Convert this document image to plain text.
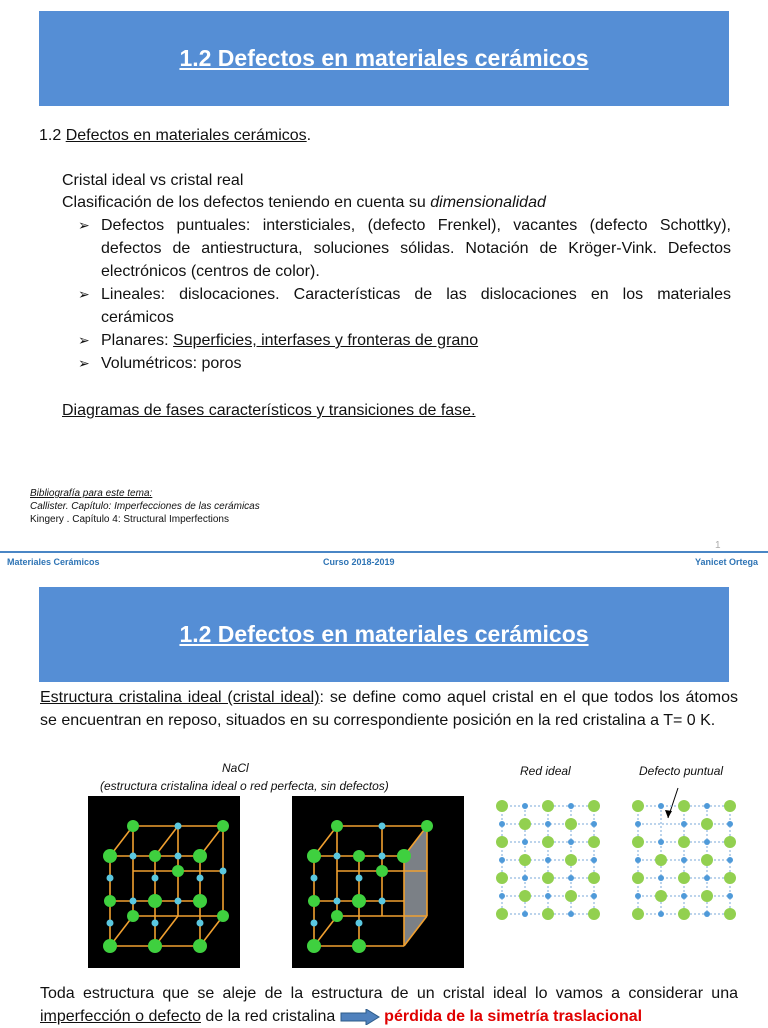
1.2 Defectos en materiales cerámicos
1.2 Defectos en materiales cerámicos.
Cristal ideal vs cristal real
Clasificación de los defectos teniendo en cuenta su dimensionalidad
➢ Defectos puntuales: intersticiales, (defecto Frenkel), vacantes (defecto Schottky), defectos de antiestructura, soluciones sólidas. Notación de Kröger-Vink. Defectos electrónicos (centros de color).
➢ Lineales: dislocaciones. Características de las dislocaciones en los materiales cerámicos
➢ Planares: Superficies, interfases y fronteras de grano
➢ Volumétricos: poros
Diagramas de fases característicos y transiciones de fase.
Bibliografía para este tema:
Callister. Capítulo: Imperfecciones de las cerámicas
Kingery . Capítulo 4: Structural Imperfections
1
Materiales Cerámicos	Curso 2018-2019	Yanicet Ortega
1.2 Defectos en materiales cerámicos
Estructura cristalina ideal (cristal ideal): se define como aquel cristal en el que todos los átomos se encuentran en reposo, situados en su correspondiente posición en la red cristalina a T= 0 K.
NaCl
(estructura cristalina ideal o red perfecta, sin defectos)
Red ideal	Defecto puntual
Toda estructura que se aleje de la estructura de un cristal ideal lo vamos a considerar una imperfección o defecto de la red cristalina	pérdida de la simetría traslacional
